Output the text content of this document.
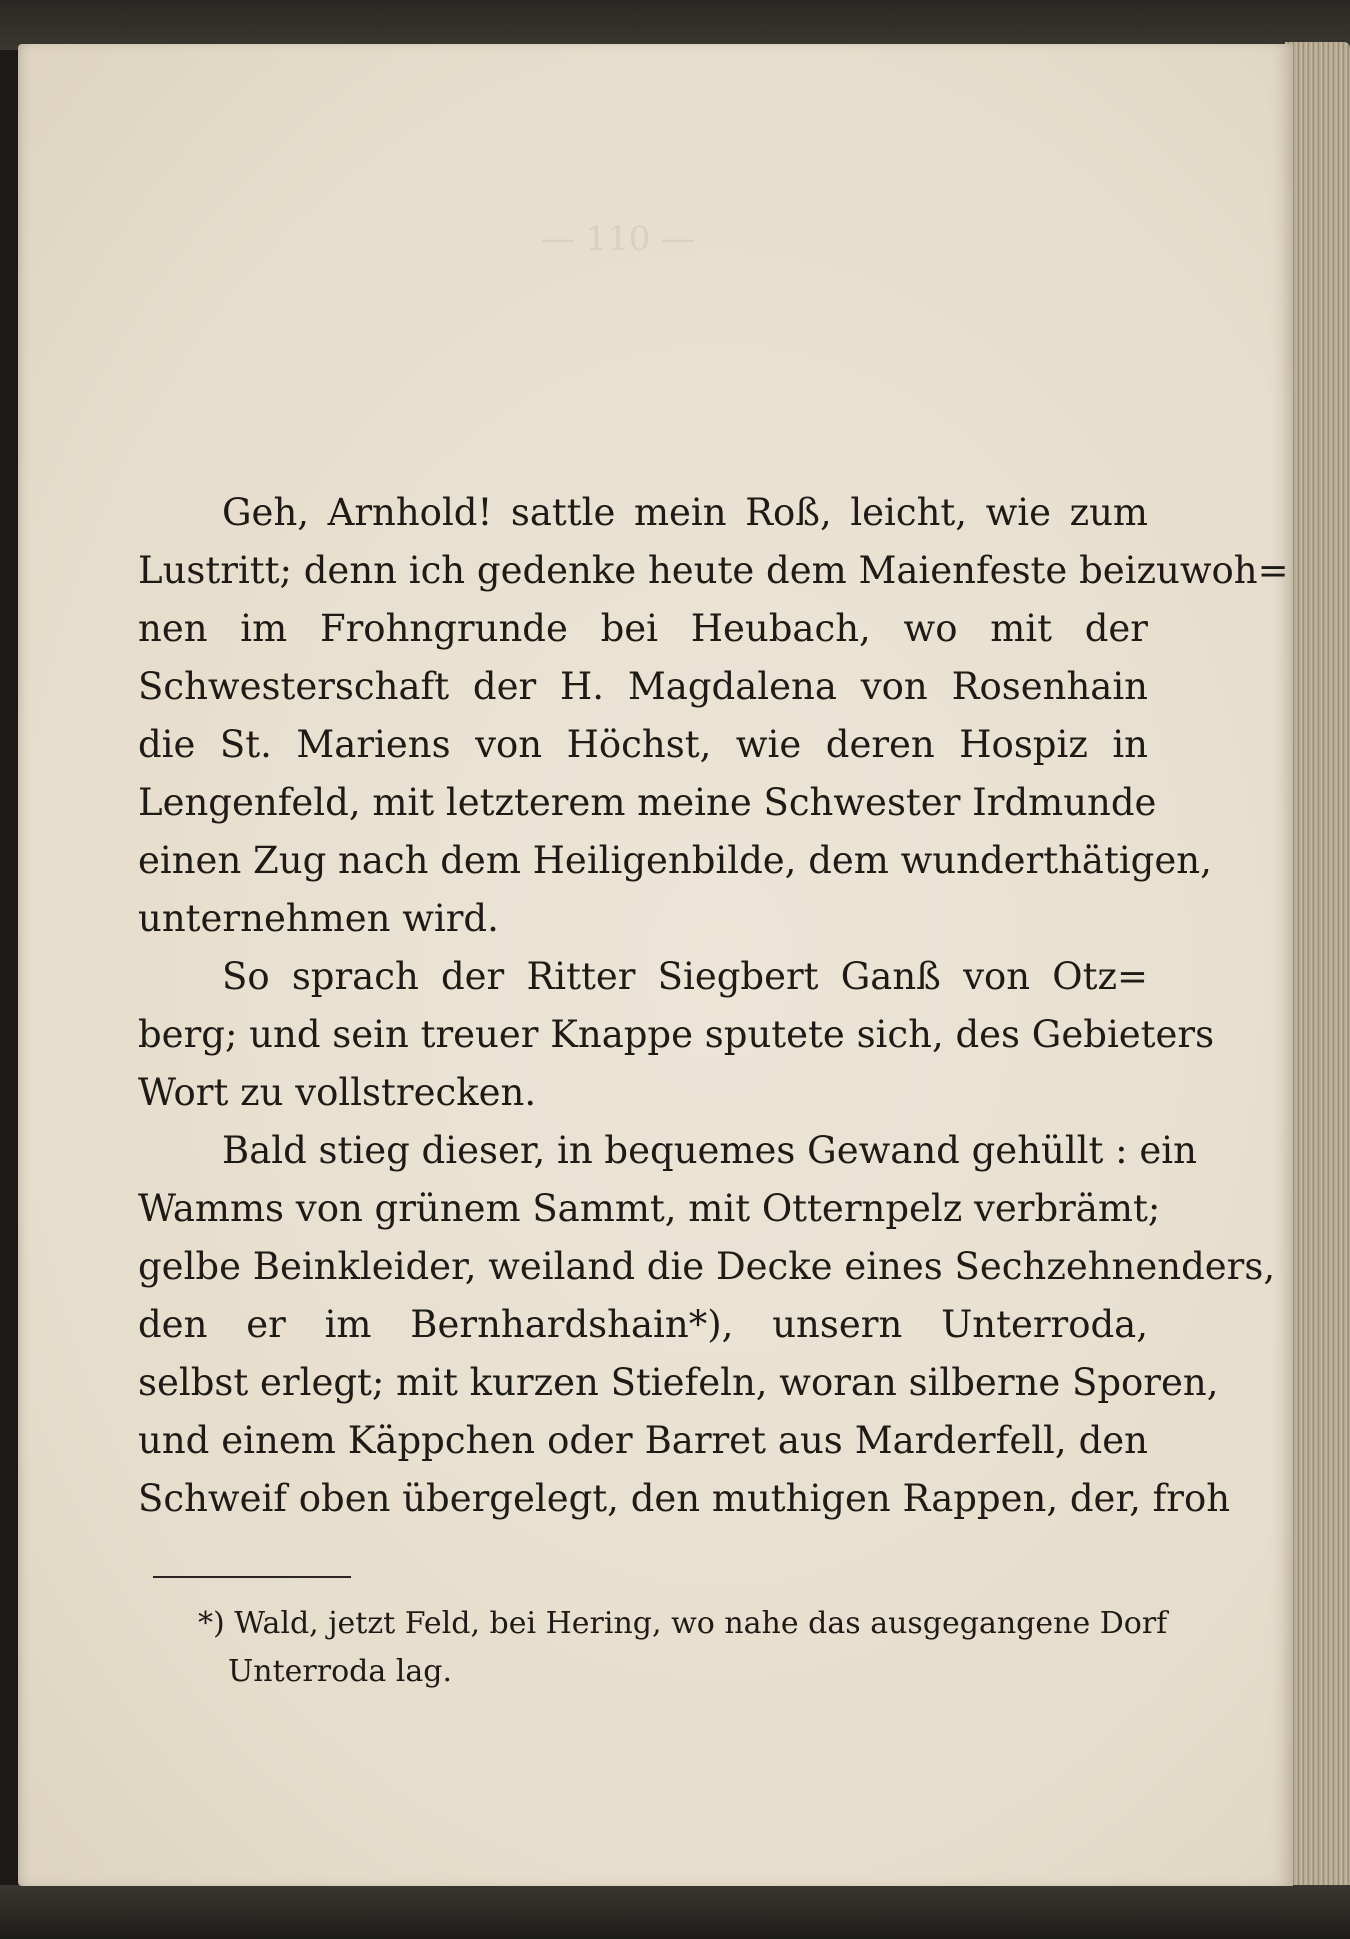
— 110 —
Geh, Arnhold! sattle mein Roß, leicht, wie zum
Lustritt; denn ich gedenke heute dem Maienfeste beizuwoh=
nen im Frohngrunde bei Heubach, wo mit der
Schwesterschaft der H. Magdalena von Rosenhain
die St. Mariens von Höchst, wie deren Hospiz in
Lengenfeld, mit letzterem meine Schwester Irdmunde
einen Zug nach dem Heiligenbilde, dem wunderthätigen,
unternehmen wird.
So sprach der Ritter Siegbert Ganß von Otz=
berg; und sein treuer Knappe sputete sich, des Gebieters
Wort zu vollstrecken.
Bald stieg dieser, in bequemes Gewand gehüllt : ein
Wamms von grünem Sammt, mit Otternpelz verbrämt;
gelbe Beinkleider, weiland die Decke eines Sechzehnenders,
den er im Bernhardshain*), unsern Unterroda,
selbst erlegt; mit kurzen Stiefeln, woran silberne Sporen,
und einem Käppchen oder Barret aus Marderfell, den
Schweif oben übergelegt, den muthigen Rappen, der, froh
*) Wald, jetzt Feld, bei Hering, wo nahe das ausgegangene Dorf
Unterroda lag.
